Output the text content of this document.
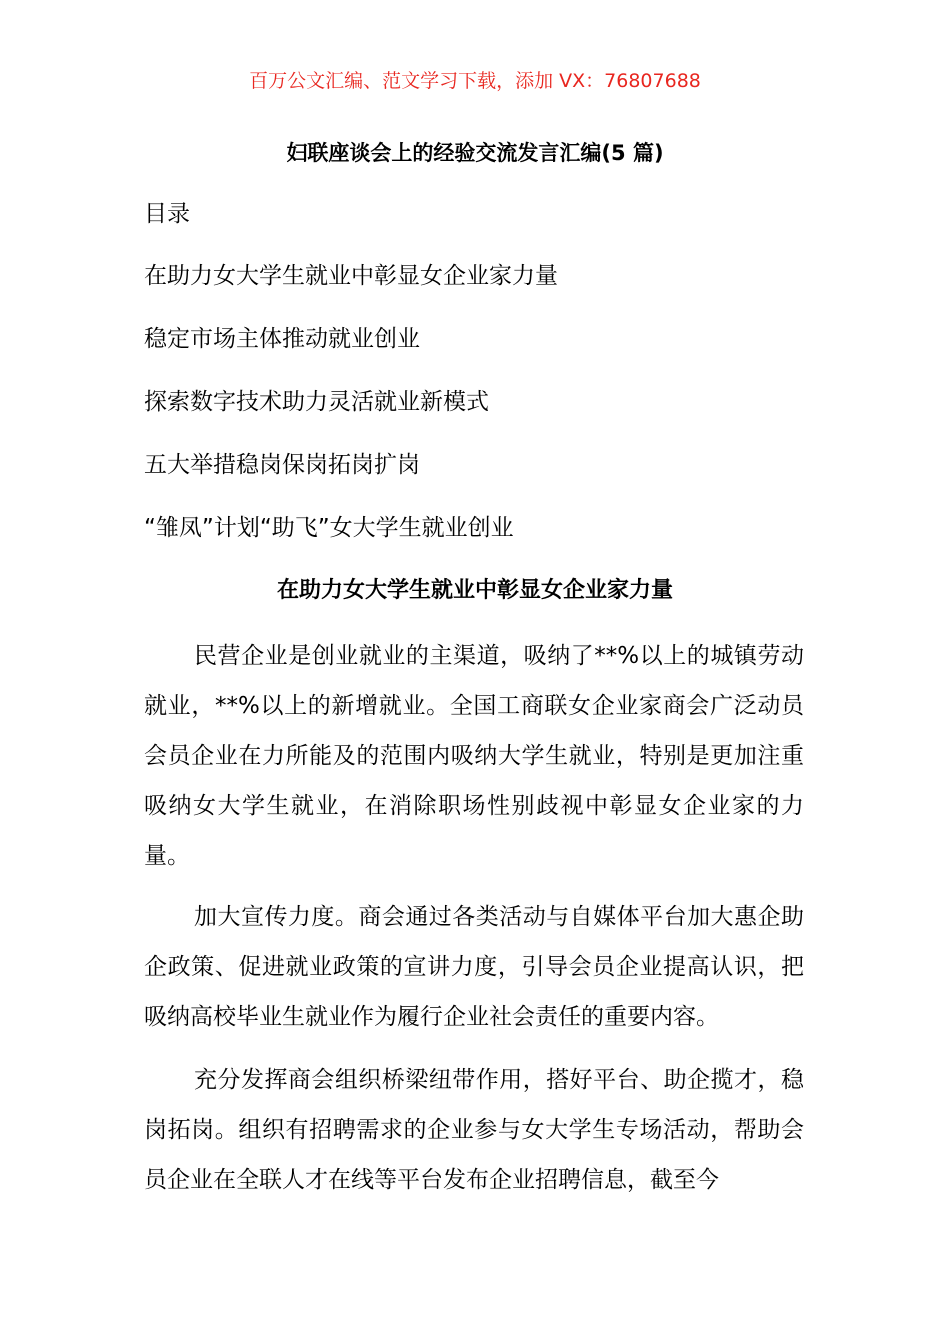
百万公文汇编、范文学习下载，添加 VX：76807688
妇联座谈会上的经验交流发言汇编(5 篇)
目录
在助力女大学生就业中彰显女企业家力量
稳定市场主体推动就业创业
探索数字技术助力灵活就业新模式
五大举措稳岗保岗拓岗扩岗
“雏凤”计划“助飞”女大学生就业创业
在助力女大学生就业中彰显女企业家力量

民营企业是创业就业的主渠道，吸纳了**%以上的城镇劳动就业，**%以上的新增就业。全国工商联女企业家商会广泛动员会员企业在力所能及的范围内吸纳大学生就业，特别是更加注重吸纳女大学生就业，在消除职场性别歧视中彰显女企业家的力量。

加大宣传力度。商会通过各类活动与自媒体平台加大惠企助企政策、促进就业政策的宣讲力度，引导会员企业提高认识，把吸纳高校毕业生就业作为履行企业社会责任的重要内容。

充分发挥商会组织桥梁纽带作用，搭好平台、助企揽才，稳岗拓岗。组织有招聘需求的企业参与女大学生专场活动，帮助会员企业在全联人才在线等平台发布企业招聘信息，截至今
